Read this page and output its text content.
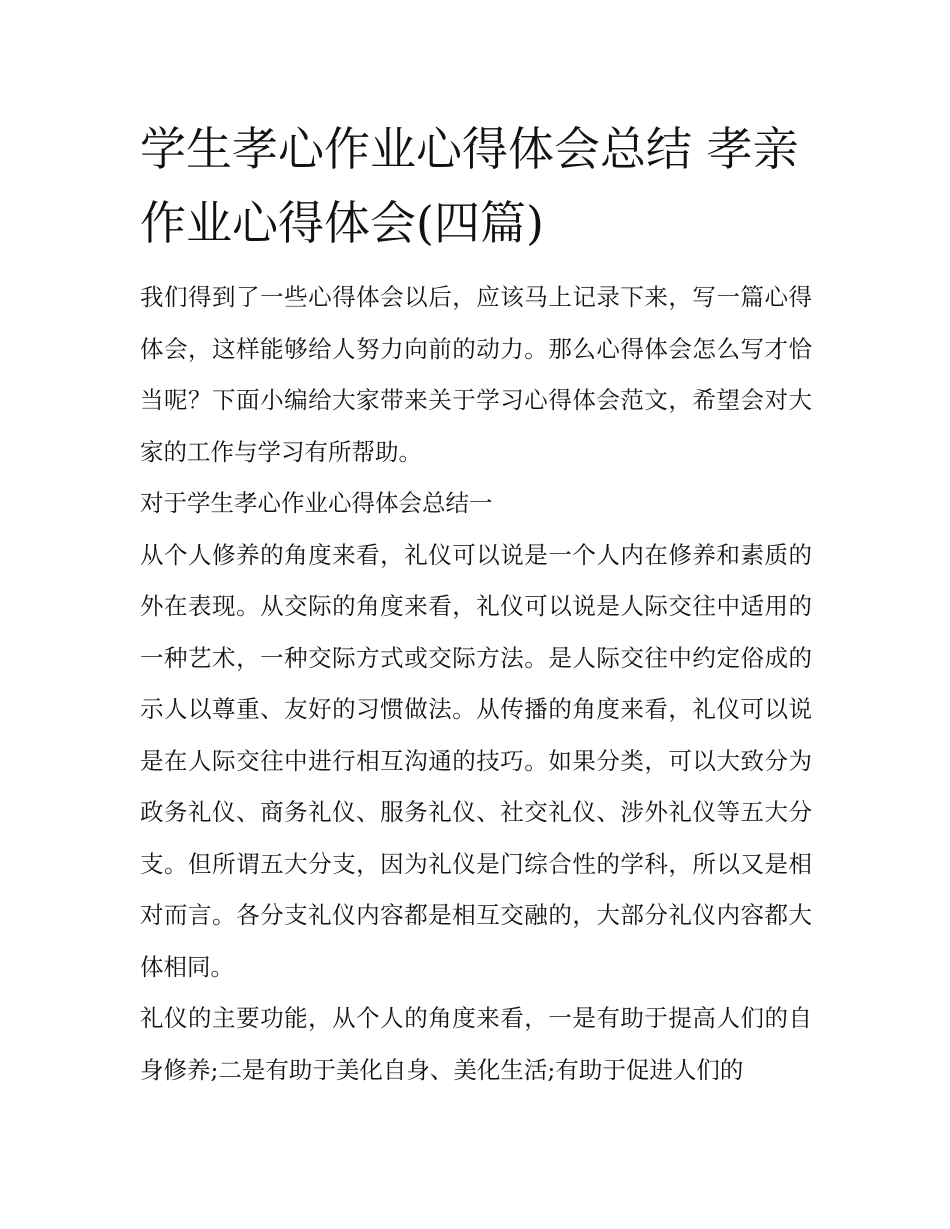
学生孝心作业心得体会总结 孝亲作业心得体会(四篇)

我们得到了一些心得体会以后，应该马上记录下来，写一篇心得体会，这样能够给人努力向前的动力。那么心得体会怎么写才恰当呢？下面小编给大家带来关于学习心得体会范文，希望会对大家的工作与学习有所帮助。

对于学生孝心作业心得体会总结一

从个人修养的角度来看，礼仪可以说是一个人内在修养和素质的外在表现。从交际的角度来看，礼仪可以说是人际交往中适用的一种艺术，一种交际方式或交际方法。是人际交往中约定俗成的示人以尊重、友好的习惯做法。从传播的角度来看，礼仪可以说是在人际交往中进行相互沟通的技巧。如果分类，可以大致分为政务礼仪、商务礼仪、服务礼仪、社交礼仪、涉外礼仪等五大分支。但所谓五大分支，因为礼仪是门综合性的学科，所以又是相对而言。各分支礼仪内容都是相互交融的，大部分礼仪内容都大体相同。

礼仪的主要功能，从个人的角度来看，一是有助于提高人们的自身修养;二是有助于美化自身、美化生活;有助于促进人们的
